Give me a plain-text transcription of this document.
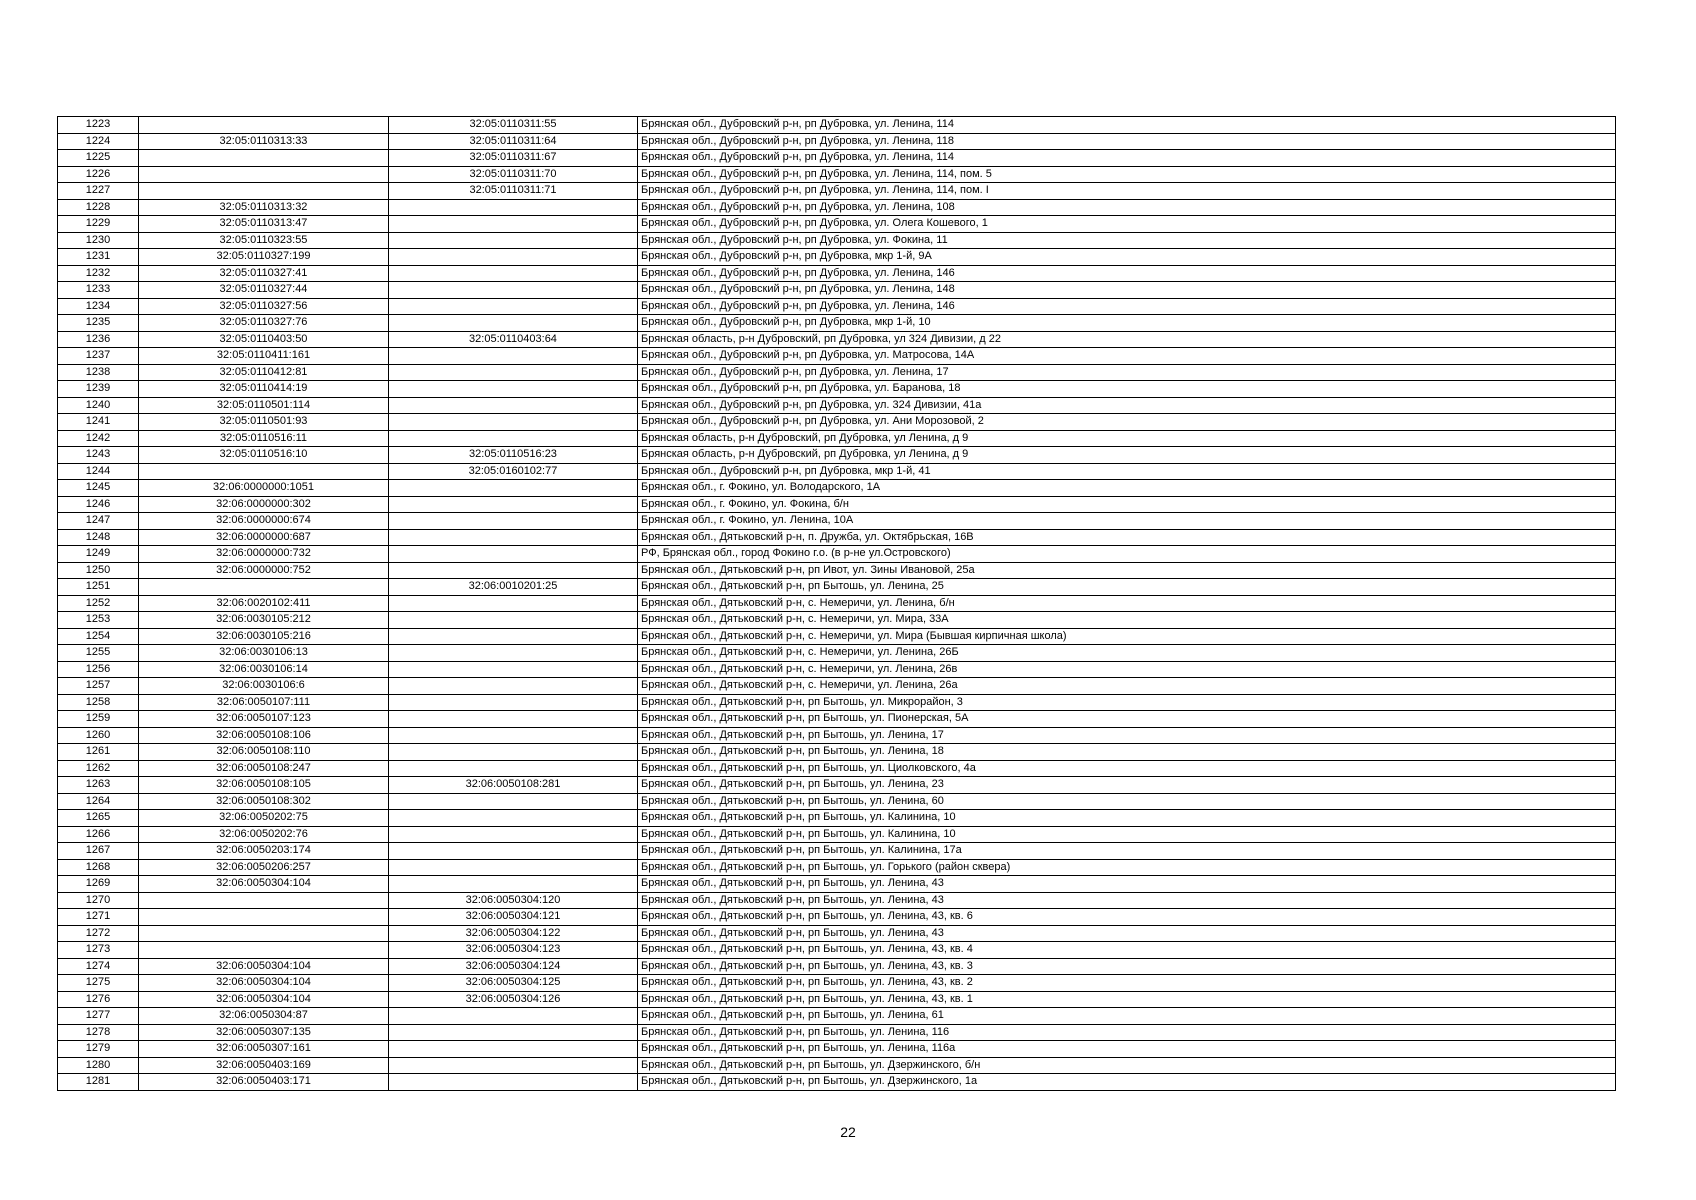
1223		32:05:0110311:55	Брянская обл., Дубровский р-н, рп Дубровка, ул. Ленина, 114
1224	32:05:0110313:33	32:05:0110311:64	Брянская обл., Дубровский р-н, рп Дубровка, ул. Ленина, 118
1225		32:05:0110311:67	Брянская обл., Дубровский р-н, рп Дубровка, ул. Ленина, 114
1226		32:05:0110311:70	Брянская обл., Дубровский р-н, рп Дубровка, ул. Ленина, 114, пом. 5
1227		32:05:0110311:71	Брянская обл., Дубровский р-н, рп Дубровка, ул. Ленина, 114, пом. I
1228	32:05:0110313:32		Брянская обл., Дубровский р-н, рп Дубровка, ул. Ленина, 108
1229	32:05:0110313:47		Брянская обл., Дубровский р-н, рп Дубровка, ул. Олега Кошевого, 1
1230	32:05:0110323:55		Брянская обл., Дубровский р-н, рп Дубровка, ул. Фокина, 11
1231	32:05:0110327:199		Брянская обл., Дубровский р-н, рп Дубровка, мкр 1-й, 9А
1232	32:05:0110327:41		Брянская обл., Дубровский р-н, рп Дубровка, ул. Ленина, 146
1233	32:05:0110327:44		Брянская обл., Дубровский р-н, рп Дубровка, ул. Ленина, 148
1234	32:05:0110327:56		Брянская обл., Дубровский р-н, рп Дубровка, ул. Ленина, 146
1235	32:05:0110327:76		Брянская обл., Дубровский р-н, рп Дубровка, мкр 1-й, 10
1236	32:05:0110403:50	32:05:0110403:64	Брянская область, р-н Дубровский, рп Дубровка, ул 324 Дивизии, д 22
1237	32:05:0110411:161		Брянская обл., Дубровский р-н, рп Дубровка, ул. Матросова, 14А
1238	32:05:0110412:81		Брянская обл., Дубровский р-н, рп Дубровка, ул. Ленина, 17
1239	32:05:0110414:19		Брянская обл., Дубровский р-н, рп Дубровка, ул. Баранова, 18
1240	32:05:0110501:114		Брянская обл., Дубровский р-н, рп Дубровка, ул. 324 Дивизии, 41а
1241	32:05:0110501:93		Брянская обл., Дубровский р-н, рп Дубровка, ул. Ани Морозовой, 2
1242	32:05:0110516:11		Брянская область, р-н Дубровский, рп Дубровка, ул Ленина, д 9
1243	32:05:0110516:10	32:05:0110516:23	Брянская область, р-н Дубровский, рп Дубровка, ул Ленина, д 9
1244		32:05:0160102:77	Брянская обл., Дубровский р-н, рп Дубровка, мкр 1-й, 41
1245	32:06:0000000:1051		Брянская обл., г. Фокино, ул. Володарского, 1А
1246	32:06:0000000:302		Брянская обл., г. Фокино, ул. Фокина, б/н
1247	32:06:0000000:674		Брянская обл., г. Фокино, ул. Ленина, 10А
1248	32:06:0000000:687		Брянская обл., Дятьковский р-н, п. Дружба, ул. Октябрьская, 16В
1249	32:06:0000000:732		РФ, Брянская обл., город Фокино г.о. (в р-не ул.Островского)
1250	32:06:0000000:752		Брянская обл., Дятьковский р-н, рп Ивот, ул. Зины Ивановой, 25а
1251		32:06:0010201:25	Брянская обл., Дятьковский р-н, рп Бытошь, ул. Ленина, 25
1252	32:06:0020102:411		Брянская обл., Дятьковский р-н, с. Немеричи, ул. Ленина, б/н
1253	32:06:0030105:212		Брянская обл., Дятьковский р-н, с. Немеричи, ул. Мира, 33А
1254	32:06:0030105:216		Брянская обл., Дятьковский р-н, с. Немеричи, ул. Мира (Бывшая кирпичная школа)
1255	32:06:0030106:13		Брянская обл., Дятьковский р-н, с. Немеричи, ул. Ленина, 26Б
1256	32:06:0030106:14		Брянская обл., Дятьковский р-н, с. Немеричи, ул. Ленина, 26в
1257	32:06:0030106:6		Брянская обл., Дятьковский р-н, с. Немеричи, ул. Ленина, 26а
1258	32:06:0050107:111		Брянская обл., Дятьковский р-н, рп Бытошь, ул. Микрорайон, 3
1259	32:06:0050107:123		Брянская обл., Дятьковский р-н, рп Бытошь, ул. Пионерская, 5А
1260	32:06:0050108:106		Брянская обл., Дятьковский р-н, рп Бытошь, ул. Ленина, 17
1261	32:06:0050108:110		Брянская обл., Дятьковский р-н, рп Бытошь, ул. Ленина, 18
1262	32:06:0050108:247		Брянская обл., Дятьковский р-н, рп Бытошь, ул. Циолковского, 4а
1263	32:06:0050108:105	32:06:0050108:281	Брянская обл., Дятьковский р-н, рп Бытошь, ул. Ленина, 23
1264	32:06:0050108:302		Брянская обл., Дятьковский р-н, рп Бытошь, ул. Ленина, 60
1265	32:06:0050202:75		Брянская обл., Дятьковский р-н, рп Бытошь, ул. Калинина, 10
1266	32:06:0050202:76		Брянская обл., Дятьковский р-н, рп Бытошь, ул. Калинина, 10
1267	32:06:0050203:174		Брянская обл., Дятьковский р-н, рп Бытошь, ул. Калинина, 17а
1268	32:06:0050206:257		Брянская обл., Дятьковский р-н, рп Бытошь, ул. Горького (район сквера)
1269	32:06:0050304:104		Брянская обл., Дятьковский р-н, рп Бытошь, ул. Ленина, 43
1270		32:06:0050304:120	Брянская обл., Дятьковский р-н, рп Бытошь, ул. Ленина, 43
1271		32:06:0050304:121	Брянская обл., Дятьковский р-н, рп Бытошь, ул. Ленина, 43, кв. 6
1272		32:06:0050304:122	Брянская обл., Дятьковский р-н, рп Бытошь, ул. Ленина, 43
1273		32:06:0050304:123	Брянская обл., Дятьковский р-н, рп Бытошь, ул. Ленина, 43, кв. 4
1274	32:06:0050304:104	32:06:0050304:124	Брянская обл., Дятьковский р-н, рп Бытошь, ул. Ленина, 43, кв. 3
1275	32:06:0050304:104	32:06:0050304:125	Брянская обл., Дятьковский р-н, рп Бытошь, ул. Ленина, 43, кв. 2
1276	32:06:0050304:104	32:06:0050304:126	Брянская обл., Дятьковский р-н, рп Бытошь, ул. Ленина, 43, кв. 1
1277	32:06:0050304:87		Брянская обл., Дятьковский р-н, рп Бытошь, ул. Ленина, 61
1278	32:06:0050307:135		Брянская обл., Дятьковский р-н, рп Бытошь, ул. Ленина, 116
1279	32:06:0050307:161		Брянская обл., Дятьковский р-н, рп Бытошь, ул. Ленина, 116а
1280	32:06:0050403:169		Брянская обл., Дятьковский р-н, рп Бытошь, ул. Дзержинского, б/н
1281	32:06:0050403:171		Брянская обл., Дятьковский р-н, рп Бытошь, ул. Дзержинского, 1а
22
